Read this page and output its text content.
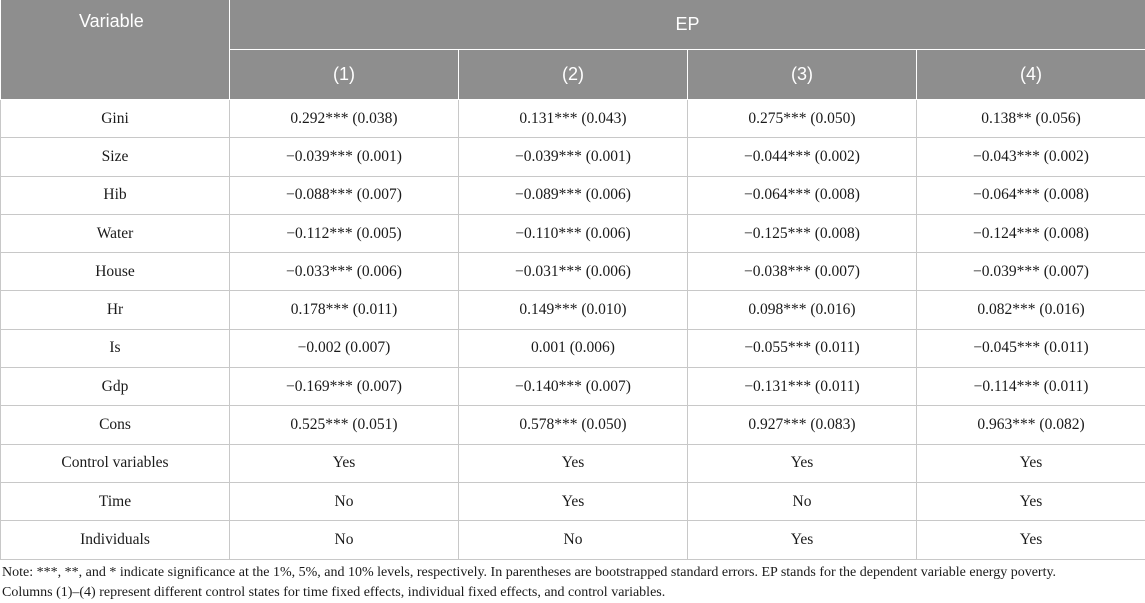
Variable	EP			
	(1)	(2)	(3)	(4)
Gini	0.292*** (0.038)	0.131*** (0.043)	0.275*** (0.050)	0.138** (0.056)
Size	−0.039*** (0.001)	−0.039*** (0.001)	−0.044*** (0.002)	−0.043*** (0.002)
Hib	−0.088*** (0.007)	−0.089*** (0.006)	−0.064*** (0.008)	−0.064*** (0.008)
Water	−0.112*** (0.005)	−0.110*** (0.006)	−0.125*** (0.008)	−0.124*** (0.008)
House	−0.033*** (0.006)	−0.031*** (0.006)	−0.038*** (0.007)	−0.039*** (0.007)
Hr	0.178*** (0.011)	0.149*** (0.010)	0.098*** (0.016)	0.082*** (0.016)
Is	−0.002 (0.007)	0.001 (0.006)	−0.055*** (0.011)	−0.045*** (0.011)
Gdp	−0.169*** (0.007)	−0.140*** (0.007)	−0.131*** (0.011)	−0.114*** (0.011)
Cons	0.525*** (0.051)	0.578*** (0.050)	0.927*** (0.083)	0.963*** (0.082)
Control variables	Yes	Yes	Yes	Yes
Time	No	Yes	No	Yes
Individuals	No	No	Yes	Yes
Note: ***, **, and * indicate significance at the 1%, 5%, and 10% levels, respectively. In parentheses are bootstrapped standard errors. EP stands for the dependent variable energy poverty.
Columns (1)–(4) represent different control states for time fixed effects, individual fixed effects, and control variables.
